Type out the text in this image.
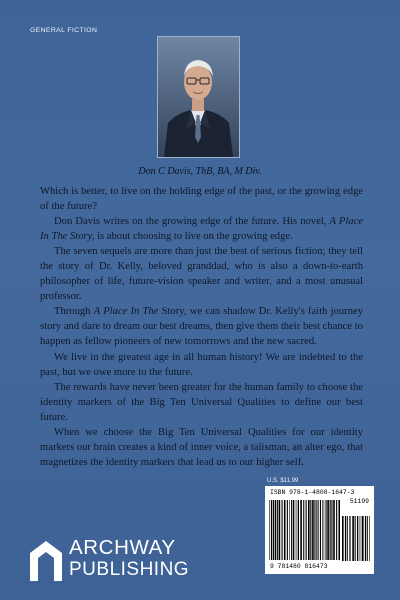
GENERAL FICTION
Don C Davis, ThB, BA, M Div.

Which is better, to live on the holding edge of the past, or the growing edge of the future?

Don Davis writes on the growing edge of the future. His novel, A Place In The Story, is about choosing to live on the growing edge.

The seven sequels are more than just the best of serious fiction; they tell the story of Dr. Kelly, beloved granddad, who is also a down-to-earth philosopher of life, future-vision speaker and writer, and a most unusual professor.

Through A Place In The Story, we can shadow Dr. Kelly's faith journey story and dare to dream our best dreams, then give them their best chance to happen as fellow pioneers of new tomorrows and the new sacred.

We live in the greatest age in all human history! We are indebted to the past, but we owe more to the future.

The rewards have never been greater for the human family to choose the identity markers of the Big Ten Universal Qualities to define our best future.

When we choose the Big Ten Universal Qualities for our identity markers our brain creates a kind of inner voice, a talisman, an alter ego, that magnetizes the identity markers that lead us to our higher self.

U.S. $11.99
ISBN 978-1-4808-1647-3
51199
9 781480 816473
ARCHWAY
PUBLISHING
